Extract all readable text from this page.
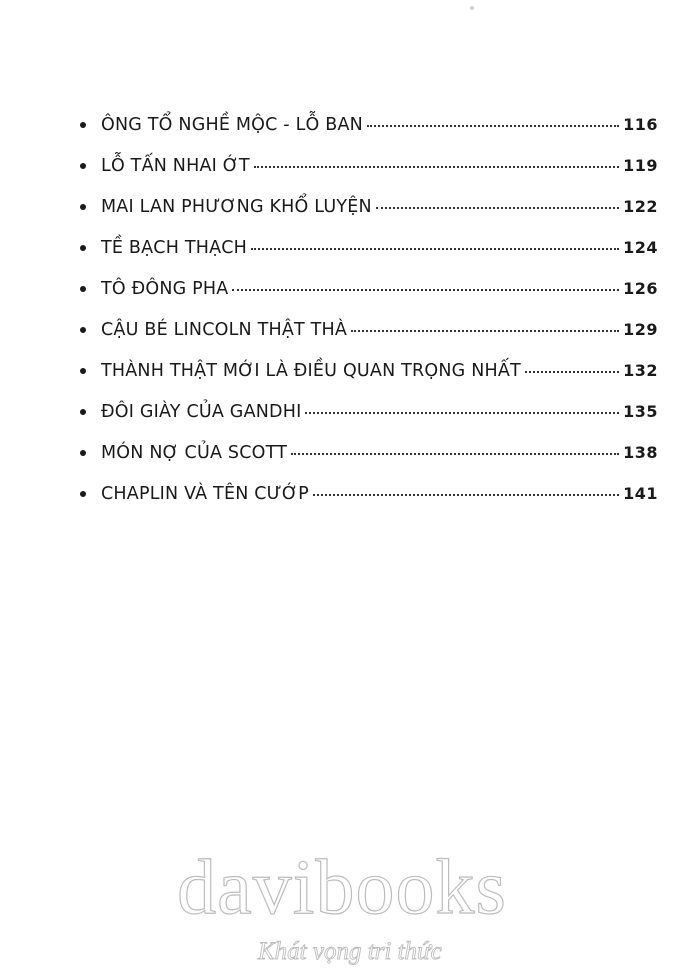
ÔNG TỔ NGHỀ MỘC - LỖ BAN	116
LỖ TẤN NHAI ỚT	119
MAI LAN PHƯƠNG KHỔ LUYỆN	122
TỀ BẠCH THẠCH	124
TÔ ĐÔNG PHA	126
CẬU BÉ LINCOLN THẬT THÀ	129
THÀNH THẬT MỚI LÀ ĐIỀU QUAN TRỌNG NHẤT	132
ĐÔI GIÀY CỦA GANDHI	135
MÓN NỢ CỦA SCOTT	138
CHAPLIN VÀ TÊN CƯỚP	141
davibooks
Khát vọng tri thức
